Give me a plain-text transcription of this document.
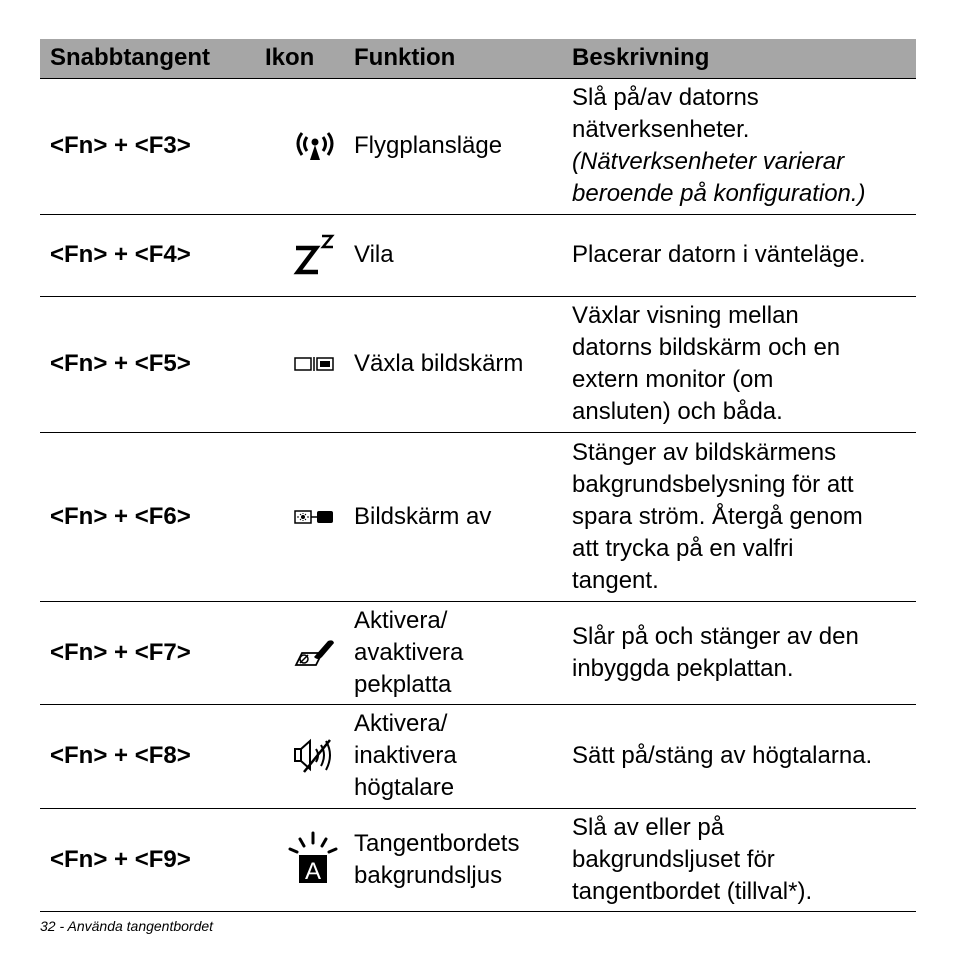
Snabbtangent	Ikon	Funktion	Beskrivning
<Fn> + <F3>		Flygplansläge	Slå på/av datorns
nätverksenheter.
(Nätverksenheter varierar
beroende på konfiguration.)

<Fn> + <F4>		Vila	Placerar datorn i vänteläge.

<Fn> + <F5>		Växla bildskärm	Växlar visning mellan
datorns bildskärm och en
extern monitor (om
ansluten) och båda.

<Fn> + <F6>		Bildskärm av	Stänger av bildskärmens
bakgrundsbelysning för att
spara ström. Återgå genom
att trycka på en valfri
tangent.

<Fn> + <F7>		Aktivera/
avaktivera
pekplatta	Slår på och stänger av den
inbyggda pekplattan.

<Fn> + <F8>		Aktivera/
inaktivera
högtalare	Sätt på/stäng av högtalarna.

<Fn> + <F9>	A	Tangentbordets
bakgrundsljus	Slå av eller på
bakgrundsljuset för
tangentbordet (tillval*).
32 - Använda tangentbordet
